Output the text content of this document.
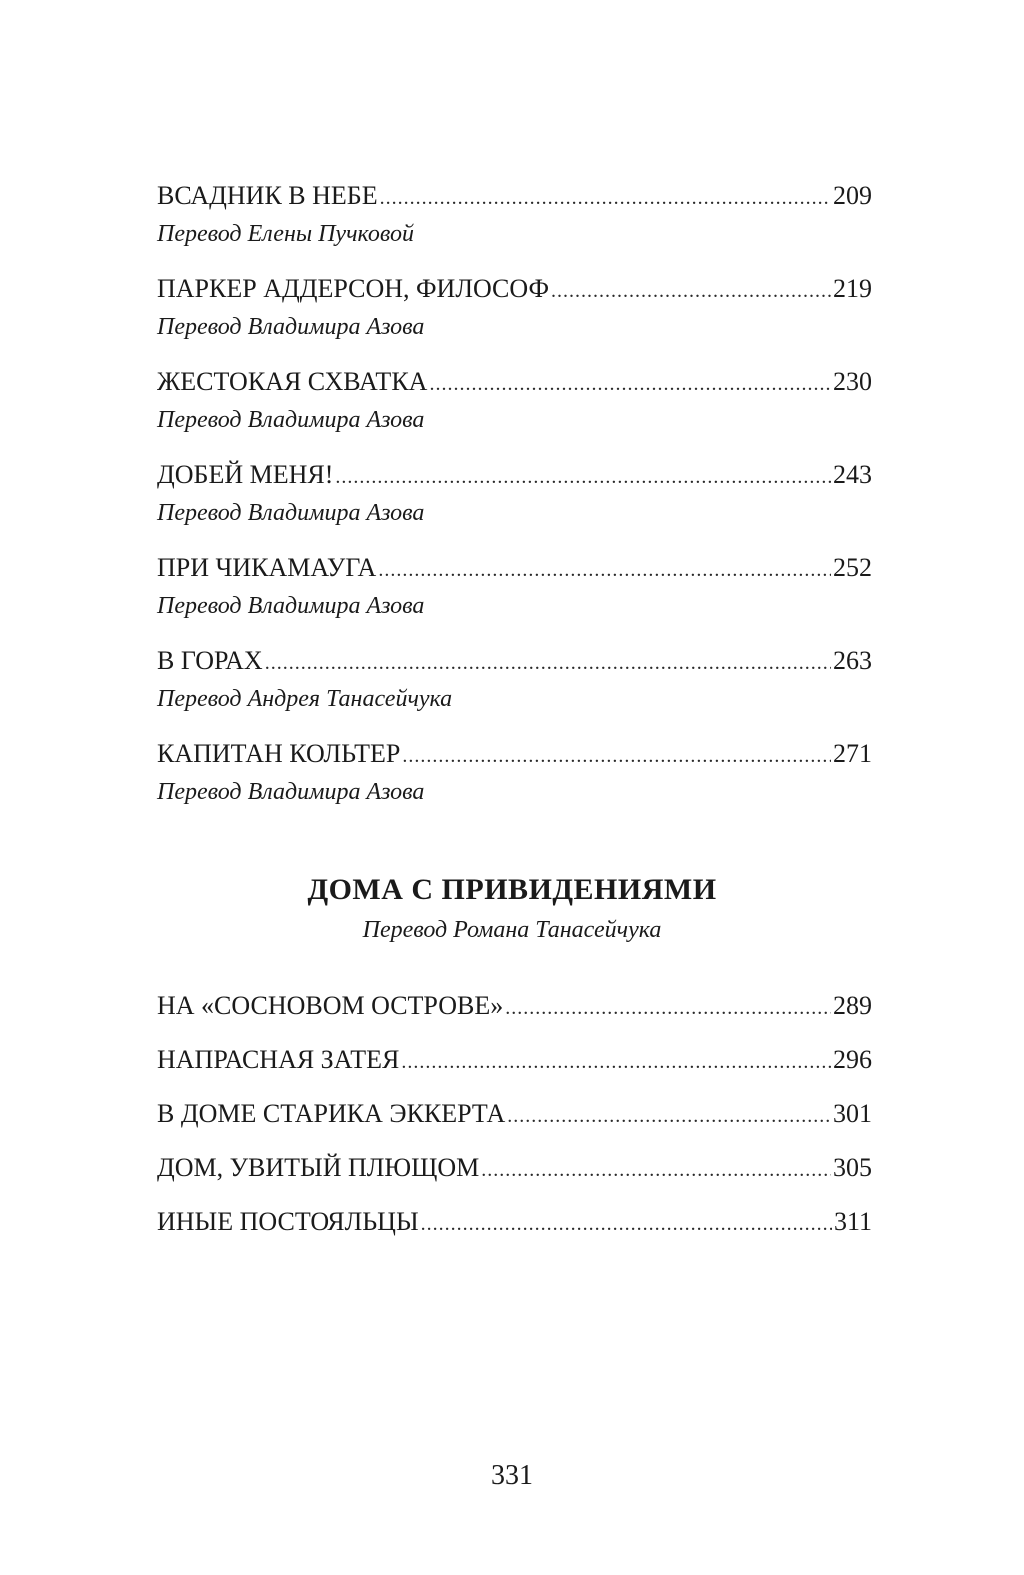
ВСАДНИК В НЕБЕ .....	209
Перевод Елены Пучковой
ПАРКЕР АДДЕРСОН, ФИЛОСОФ .....	219
Перевод Владимира Азова
ЖЕСТОКАЯ СХВАТКА .....	230
Перевод Владимира Азова
ДОБЕЙ МЕНЯ! .....	243
Перевод Владимира Азова
ПРИ ЧИКАМАУГА .....	252
Перевод Владимира Азова
В ГОРАХ .....	263
Перевод Андрея Танасейчука
КАПИТАН КОЛЬТЕР .....	271
Перевод Владимира Азова
ДОМА С ПРИВИДЕНИЯМИ
Перевод Романа Танасейчука
НА «СОСНОВОМ ОСТРОВЕ» .....	289
НАПРАСНАЯ ЗАТЕЯ .....	296
В ДОМЕ СТАРИКА ЭККЕРТА .....	301
ДОМ, УВИТЫЙ ПЛЮЩОМ .....	305
ИНЫЕ ПОСТОЯЛЬЦЫ .....	311
331
